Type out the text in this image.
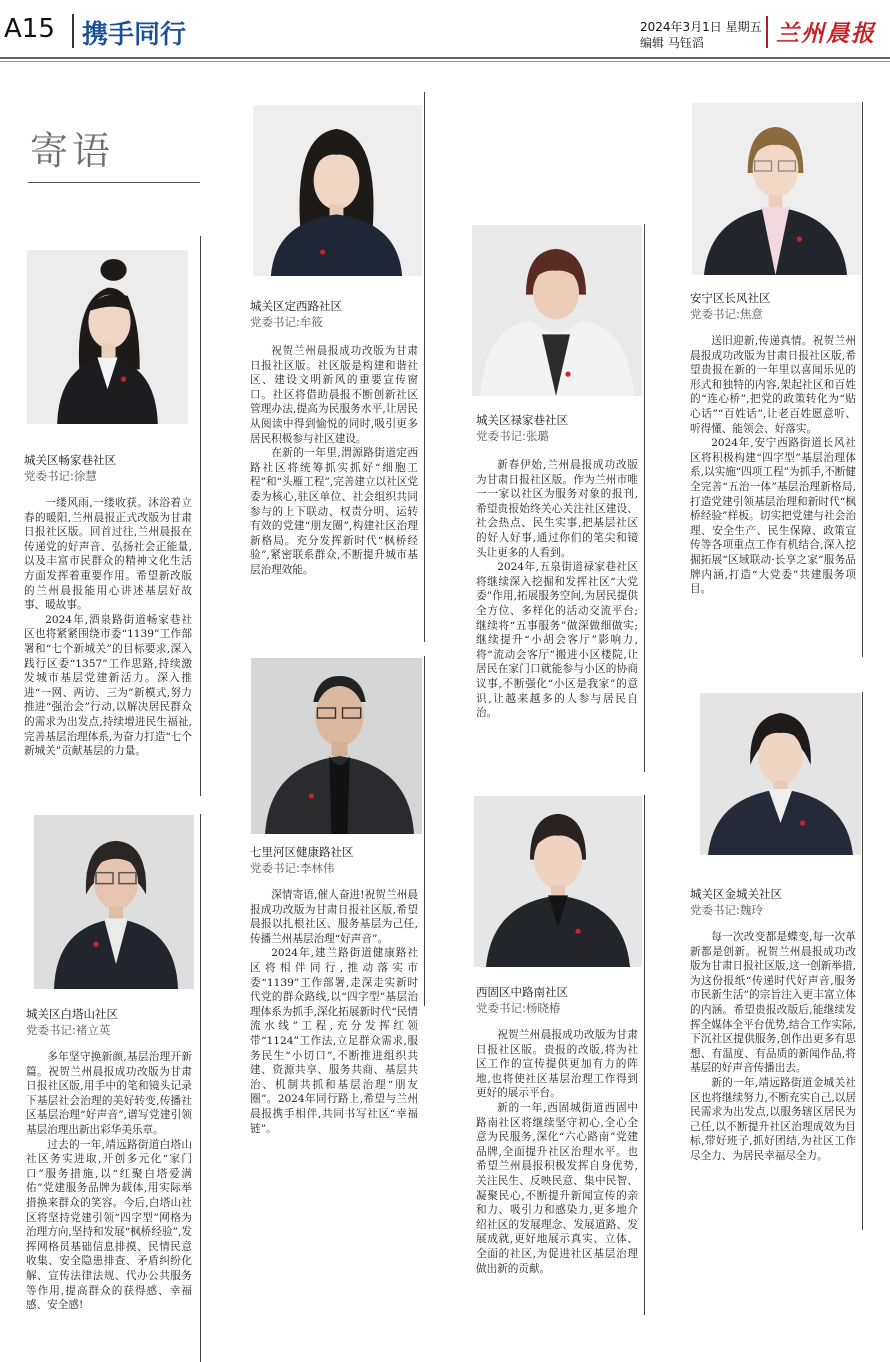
A15 携手同行	2024年3月1日 星期五
编辑 马钰滔	兰州晨报
寄语
城关区畅家巷社区
党委书记:徐慧

一缕风雨,一缕收获。沐浴着立春的暖阳,兰州晨报正式改版为甘肃日报社区版。回首过往,兰州晨报在传递党的好声音、弘扬社会正能量,以及丰富市民群众的精神文化生活方面发挥着重要作用。希望新改版的兰州晨报能用心讲述基层好故事、暖故事。

2024年,酒泉路街道畅家巷社区也将紧紧围绕市委“1139”工作部署和“七个新城关”的目标要求,深入践行区委“1357”工作思路,持续激发城市基层党建新活力。深入推进“一网、两访、三为”新模式,努力推进“强治会”行动,以解决居民群众的需求为出发点,持续增进民生福祉,完善基层治理体系,为奋力打造“七个新城关”贡献基层的力量。

城关区白塔山社区
党委书记:褚立英

多年坚守换新颜,基层治理开新篇。祝贺兰州晨报成功改版为甘肃日报社区版,用手中的笔和镜头记录下基层社会治理的美好转变,传播社区基层治理“好声音”,谱写党建引领基层治理出新出彩华美乐章。

过去的一年,靖远路街道白塔山社区务实进取,开创多元化“家门口”服务措施,以“红聚白塔爱满佑”党建服务品牌为载体,用实际举措换来群众的笑容。今后,白塔山社区将坚持党建引领“四字型”网格为治理方向,坚持和发展“枫桥经验”,发挥网格员基础信息排摸、民情民意收集、安全隐患排查、矛盾纠纷化解、宣传法律法规、代办公共服务等作用,提高群众的获得感、幸福感、安全感!

城关区定西路社区
党委书记:牟筱

祝贺兰州晨报成功改版为甘肃日报社区版。社区版是构建和谐社区、建设文明新风的重要宣传窗口。社区将借助晨报不断创新社区管理办法,提高为民服务水平,让居民从阅读中得到愉悦的同时,吸引更多居民积极参与社区建设。

在新的一年里,渭源路街道定西路社区将统筹抓实抓好“细胞工程”和“头雁工程”,完善建立以社区党委为核心,驻区单位、社会组织共同参与的上下联动、权责分明、运转有效的党建“朋友圈”,构建社区治理新格局。充分发挥新时代“枫桥经验”,紧密联系群众,不断提升城市基层治理效能。

七里河区健康路社区
党委书记:李林伟

深情寄语,催人奋进!祝贺兰州晨报成功改版为甘肃日报社区版,希望晨报以扎根社区、服务基层为己任,传播兰州基层治理“好声音”。

2024年,建兰路街道健康路社区将相伴同行,推动落实市委“1139”工作部署,走深走实新时代党的群众路线,以“四字型”基层治理体系为抓手,深化拓展新时代“民情流水线”工程,充分发挥红领带“1124”工作法,立足群众需求,服务民生“小切口”,不断推进组织共建、资源共享、服务共商、基层共治、机制共抓和基层治理“朋友圈”。2024年同行路上,希望与兰州晨报携手相伴,共同书写社区“幸福链”。

城关区禄家巷社区
党委书记:张璐

新春伊始,兰州晨报成功改版为甘肃日报社区版。作为兰州市唯一一家以社区为服务对象的报刊,希望贵报始终关心关注社区建设、社会热点、民生实事,把基层社区的好人好事,通过你们的笔尖和镜头让更多的人看到。

2024年,五泉街道禄家巷社区将继续深入挖掘和发挥社区“大党委”作用,拓展服务空间,为居民提供全方位、多样化的活动交流平台;继续将“五事服务”做深做细做实;继续提升“小胡会客厅”影响力,将“流动会客厅”搬进小区楼院,让居民在家门口就能参与小区的协商议事,不断强化“小区是我家”的意识,让越来越多的人参与居民自治。

西固区中路南社区
党委书记:杨晓椿

祝贺兰州晨报成功改版为甘肃日报社区版。贵报的改版,将为社区工作的宣传提供更加有力的阵地,也将使社区基层治理工作得到更好的展示平台。

新的一年,西固城街道西固中路南社区将继续坚守初心,全心全意为民服务,深化“六心路南”党建品牌,全面提升社区治理水平。也希望兰州晨报积极发挥自身优势,关注民生、反映民意、集中民智、凝聚民心,不断提升新闻宣传的亲和力、吸引力和感染力,更多地介绍社区的发展理念、发展道路、发展成就,更好地展示真实、立体、全面的社区,为促进社区基层治理做出新的贡献。

安宁区长风社区
党委书记:焦意

送旧迎新,传递真情。祝贺兰州晨报成功改版为甘肃日报社区版,希望贵报在新的一年里以喜闻乐见的形式和独特的内容,架起社区和百姓的“连心桥”,把党的政策转化为“贴心话”“百姓话”,让老百姓愿意听、听得懂、能领会、好落实。

2024年,安宁西路街道长风社区将积极构建“四字型”基层治理体系,以实施“四项工程”为抓手,不断健全完善“五治一体”基层治理新格局,打造党建引领基层治理和新时代“枫桥经验”样板。切实把党建与社会治理、安全生产、民生保障、政策宣传等各项重点工作有机结合,深入挖掘拓展“区域联动·长享之家”服务品牌内涵,打造“大党委”共建服务项目。

城关区金城关社区
党委书记:魏玲

每一次改变都是蝶变,每一次革新都是创新。祝贺兰州晨报成功改版为甘肃日报社区版,这一创新举措,为这份报纸“传递时代好声音,服务市民新生活”的宗旨注入更丰富立体的内涵。希望贵报改版后,能继续发挥全媒体全平台优势,结合工作实际,下沉社区提供服务,创作出更多有思想、有温度、有品质的新闻作品,将基层的好声音传播出去。

新的一年,靖远路街道金城关社区也将继续努力,不断充实自己,以居民需求为出发点,以服务辖区居民为己任,以不断提升社区治理成效为目标,带好班子,抓好团结,为社区工作尽全力、为居民幸福尽全力。
